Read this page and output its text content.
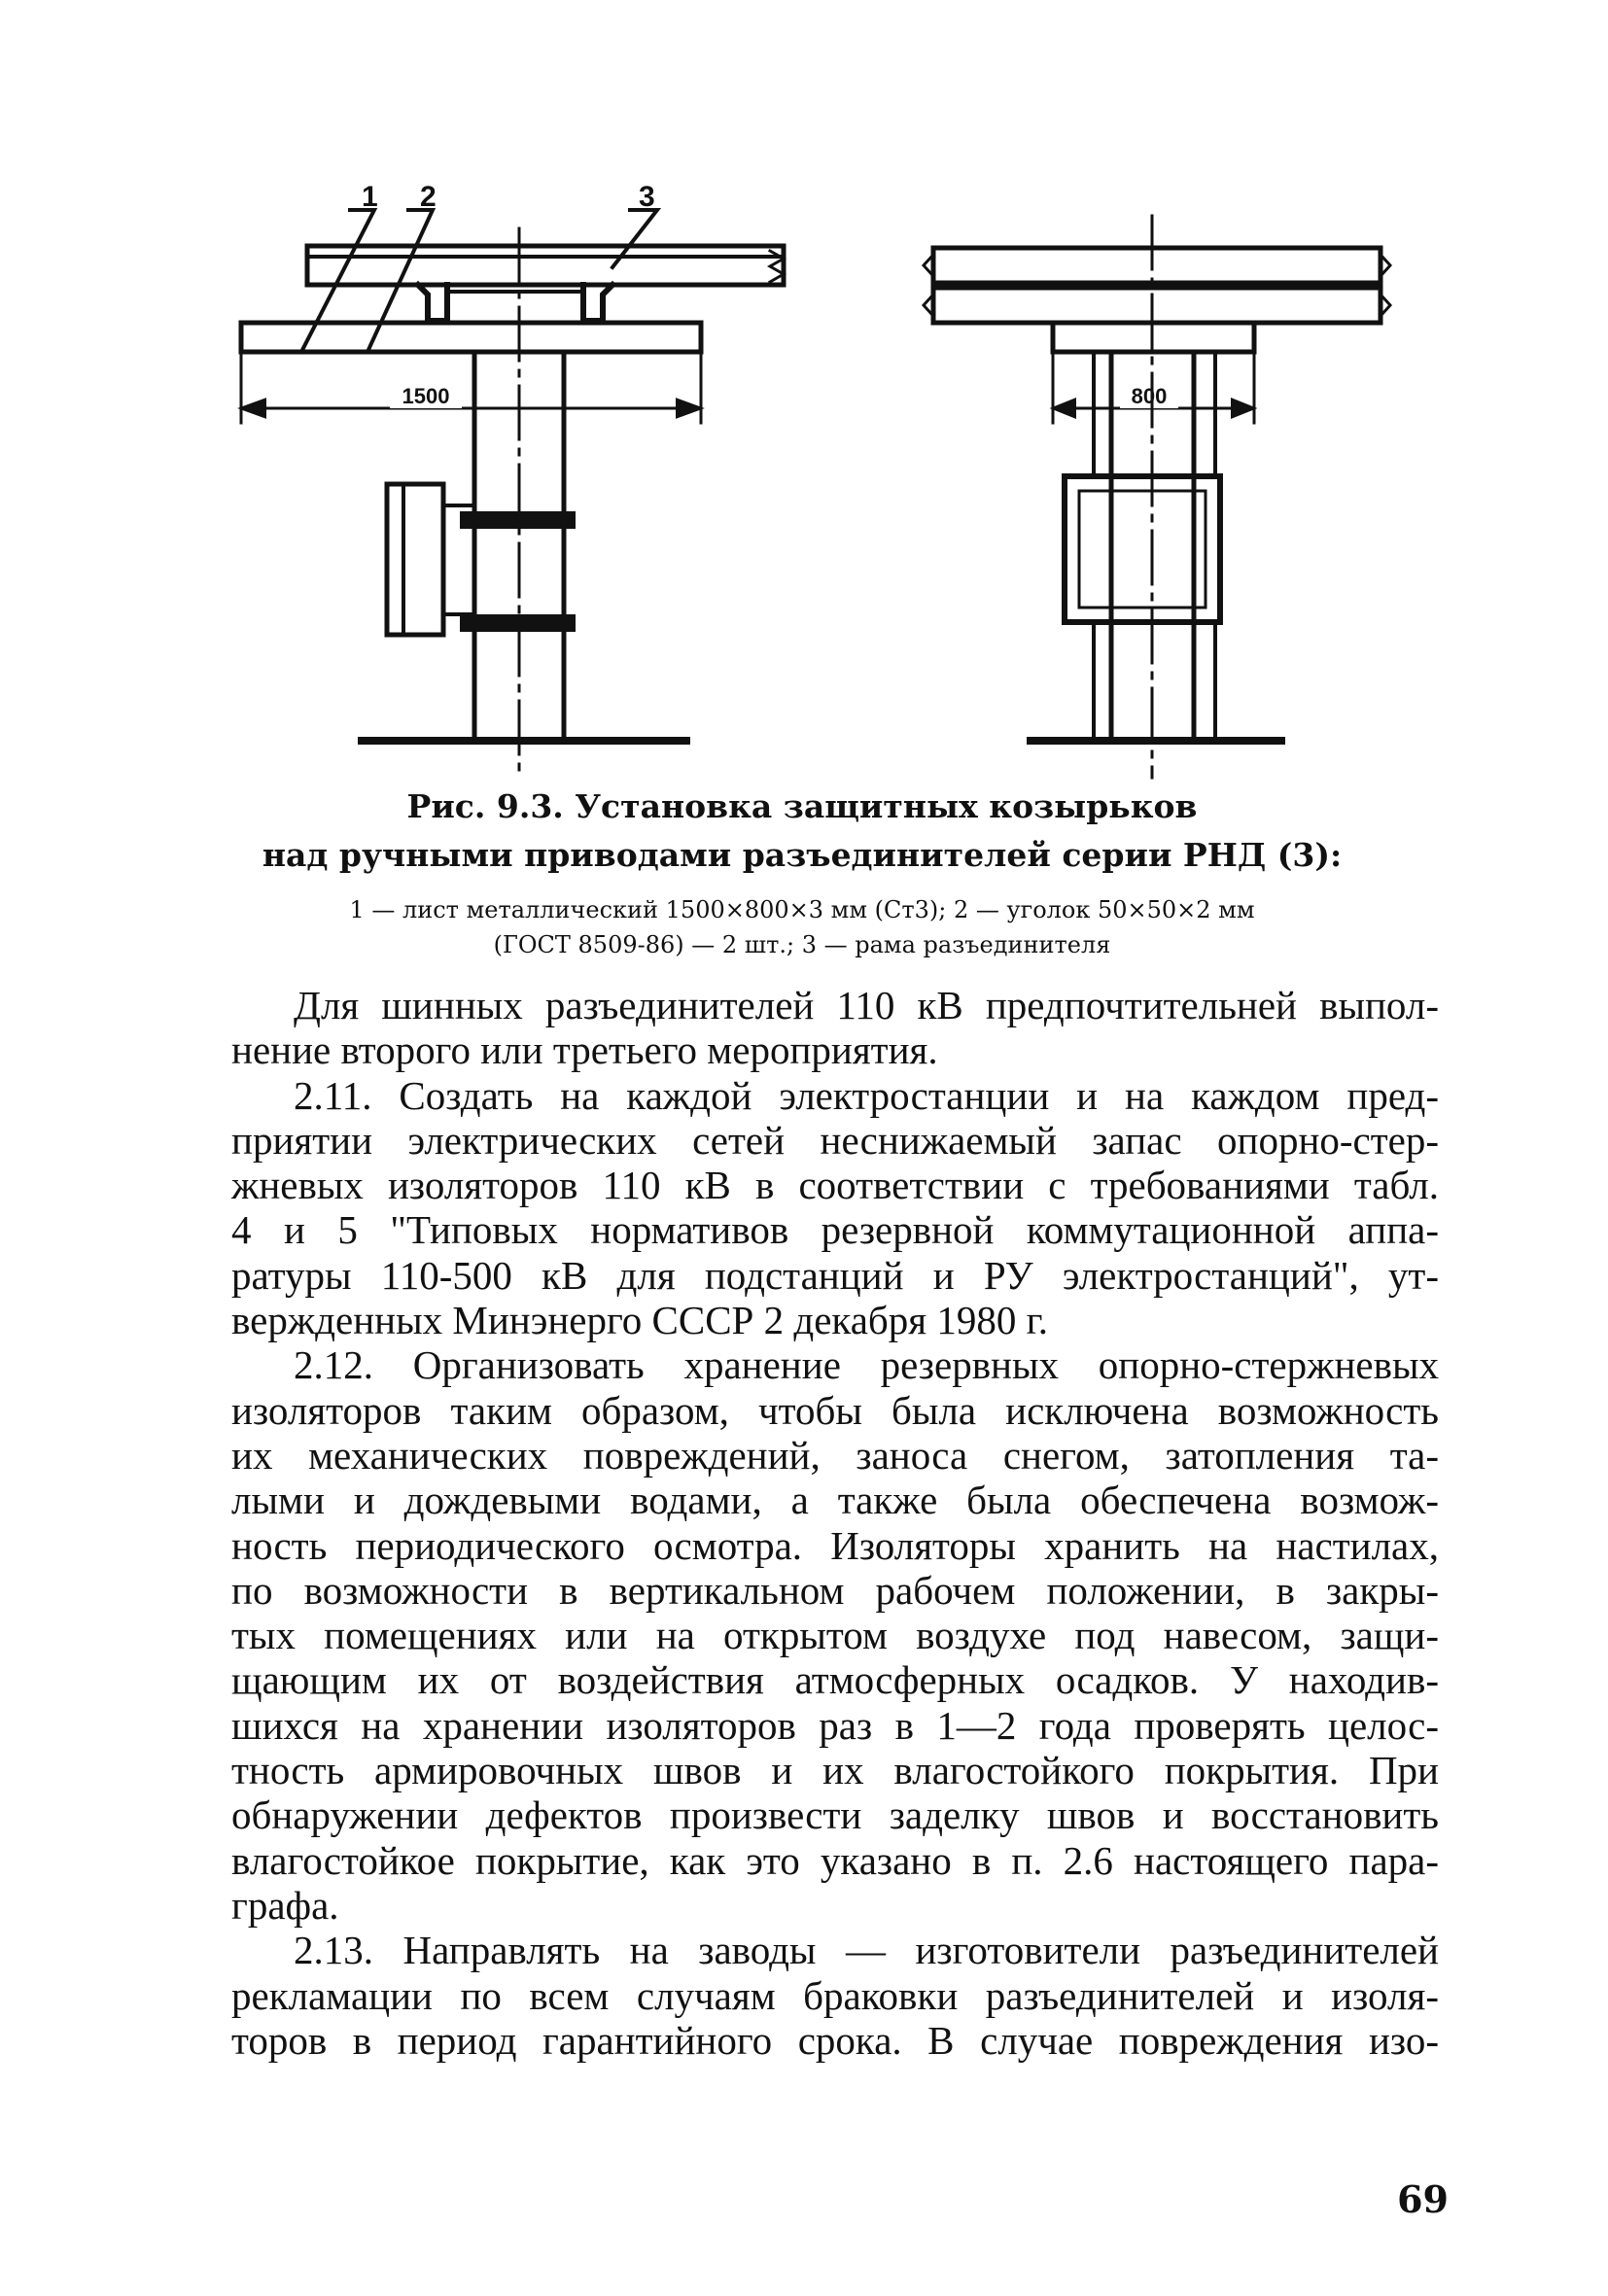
1 2	3
1500	800
Рис. 9.3. Установка защитных козырьков
над ручными приводами разъединителей серии РНД (3):
1 — лист металлический 1500×800×3 мм (Ст3); 2 — уголок 50×50×2 мм
(ГОСТ 8509-86) — 2 шт.; 3 — рама разъединителя
Для шинных разъединителей 110 кВ предпочтительней выпол-
нение второго или третьего мероприятия.
2.11. Создать на каждой электростанции и на каждом пред-
приятии электрических сетей неснижаемый запас опорно-стер-
жневых изоляторов 110 кВ в соответствии с требованиями табл.
4 и 5 "Типовых нормативов резервной коммутационной аппа-
ратуры 110-500 кВ для подстанций и РУ электростанций", ут-
вержденных Минэнерго СССР 2 декабря 1980 г.
2.12. Организовать хранение резервных опорно-стержневых
изоляторов таким образом, чтобы была исключена возможность
их механических повреждений, заноса снегом, затопления та-
лыми и дождевыми водами, а также была обеспечена возмож-
ность периодического осмотра. Изоляторы хранить на настилах,
по возможности в вертикальном рабочем положении, в закры-
тых помещениях или на открытом воздухе под навесом, защи-
щающим их от воздействия атмосферных осадков. У находив-
шихся на хранении изоляторов раз в 1—2 года проверять целос-
тность армировочных швов и их влагостойкого покрытия. При
обнаружении дефектов произвести заделку швов и восстановить
влагостойкое покрытие, как это указано в п. 2.6 настоящего пара-
графа.
2.13. Направлять на заводы — изготовители разъединителей
рекламации по всем случаям браковки разъединителей и изоля-
торов в период гарантийного срока. В случае повреждения изо-
69
